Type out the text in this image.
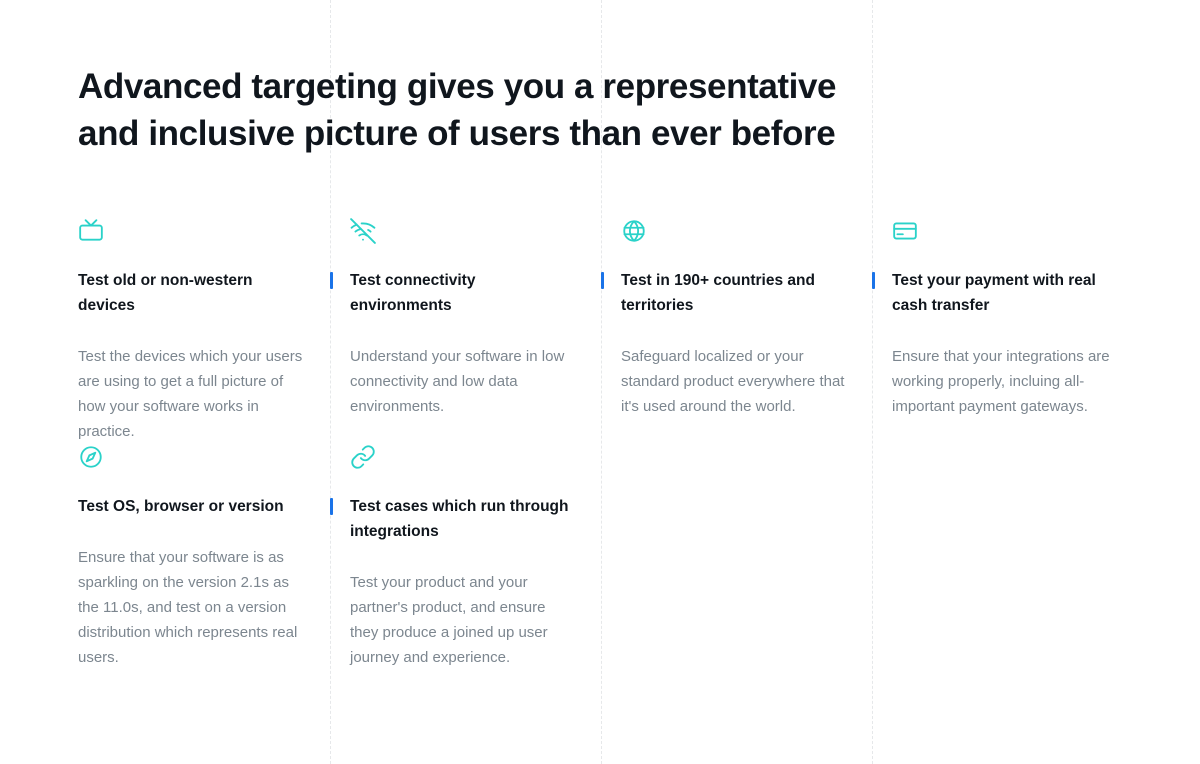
Advanced targeting gives you a representative and inclusive picture of users than ever before
Test old or non-western devices
Test the devices which your users are using to get a full picture of how your software works in practice.
Test connectivity environments
Understand your software in low connectivity and low data environments.
Test in 190+ countries and territories
Safeguard localized or your standard product everywhere that it's used around the world.
Test your payment with real cash transfer
Ensure that your integrations are working properly, incluing all-important payment gateways.
Test OS, browser or version
Ensure that your software is as sparkling on the version 2.1s as the 11.0s, and test on a version distribution which represents real users.
Test cases which run through integrations
Test your product and your partner's product, and ensure they produce a joined up user journey and experience.
